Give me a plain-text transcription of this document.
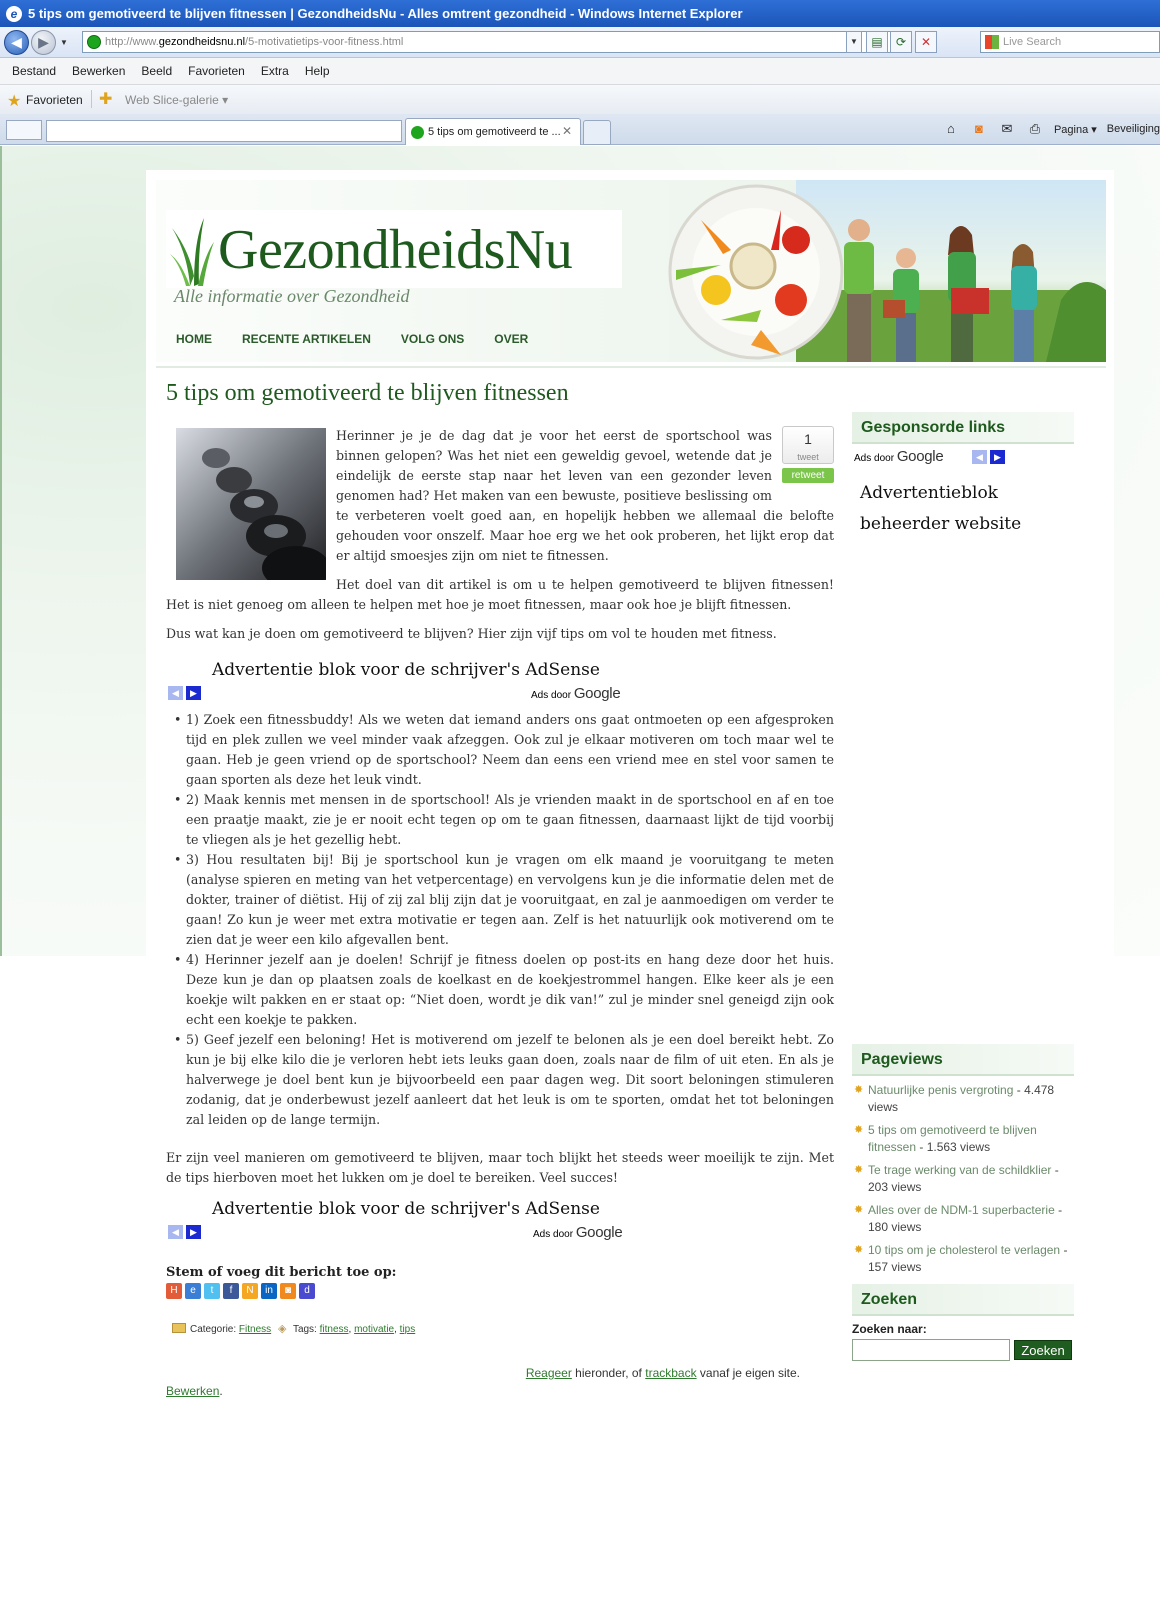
e 5 tips om gemotiveerd te blijven fitnessen | GezondheidsNu - Alles omtrent gezondheid - Windows Internet Explorer
◀	▶	▼	http://www.gezondheidsnu.nl/5-motivatietips-voor-fitness.html	▼	▤	⟳	✕	Live Search
Bestand	Bewerken	Beeld	Favorieten	Extra	Help
★ Favorieten ✚ Web Slice-galerie ▾
5 tips om gemotiveerd te ... ✕	⌂	◙	✉ ⎙	Pagina ▾ Beveiliging
GezondheidsNu
Alle informatie over Gezondheid
HOME	RECENTE ARTIKELEN	VOLG ONS	OVER
5 tips om gemotiveerd te blijven fitnessen
1
tweet
retweet

Herinner je je de dag dat je voor het eerst de sportschool was binnen gelopen? Was het niet een geweldig gevoel, wetende dat je eindelijk de eerste stap naar het leven van een gezonder leven genomen had? Het maken van een bewuste, positieve beslissing om te verbeteren voelt goed aan, en hopelijk hebben we allemaal die belofte gehouden voor onszelf. Maar hoe erg we het ook proberen, het lijkt erop dat er altijd smoesjes zijn om niet te fitnessen.

Het doel van dit artikel is om u te helpen gemotiveerd te blijven fitnessen! Het is niet genoeg om alleen te helpen met hoe je moet fitnessen, maar ook hoe je blijft fitnessen.

Dus wat kan je doen om gemotiveerd te blijven? Hier zijn vijf tips om vol te houden met fitness.

Advertentie blok voor de schrijver's AdSense
◀	▶	Ads door Google
• 1) Zoek een fitnessbuddy! Als we weten dat iemand anders ons gaat ontmoeten op een afgesproken tijd en plek zullen we veel minder vaak afzeggen. Ook zul je elkaar motiveren om toch maar wel te gaan. Heb je geen vriend op de sportschool? Neem dan eens een vriend mee en stel voor samen te gaan sporten als deze het leuk vindt.
• 2) Maak kennis met mensen in de sportschool! Als je vrienden maakt in de sportschool en af en toe een praatje maakt, zie je er nooit echt tegen op om te gaan fitnessen, daarnaast lijkt de tijd voorbij te vliegen als je het gezellig hebt.
• 3) Hou resultaten bij! Bij je sportschool kun je vragen om elk maand je vooruitgang te meten (analyse spieren en meting van het vetpercentage) en vervolgens kun je die informatie delen met de dokter, trainer of diëtist. Hij of zij zal blij zijn dat je vooruitgaat, en zal je aanmoedigen om verder te gaan! Zo kun je weer met extra motivatie er tegen aan. Zelf is het natuurlijk ook motiverend om te zien dat je weer een kilo afgevallen bent.
• 4) Herinner jezelf aan je doelen! Schrijf je fitness doelen op post-its en hang deze door het huis. Deze kun je dan op plaatsen zoals de koelkast en de koekjestrommel hangen. Elke keer als je een koekje wilt pakken en er staat op: “Niet doen, wordt je dik van!” zul je minder snel geneigd zijn ook echt een koekje te pakken.
• 5) Geef jezelf een beloning! Het is motiverend om jezelf te belonen als je een doel bereikt hebt. Zo kun je bij elke kilo die je verloren hebt iets leuks gaan doen, zoals naar de film of uit eten. En als je halverwege je doel bent kun je bijvoorbeeld een paar dagen weg. Dit soort beloningen stimuleren zodanig, dat je onderbewust jezelf aanleert dat het leuk is om te sporten, omdat het tot beloningen zal leiden op de lange termijn.

Er zijn veel manieren om gemotiveerd te blijven, maar toch blijkt het steeds weer moeilijk te zijn. Met de tips hierboven moet het lukken om je doel te bereiken. Veel succes!

Advertentie blok voor de schrijver's AdSense
◀	▶	Ads door Google
Stem of voeg dit bericht toe op:
H	e	t	f	N	in	◙	d
Categorie: Fitness ◈ Tags: fitness, motivatie, tips
Reageer hieronder, of trackback vanaf je eigen site.
Bewerken.
Gesponsorde links
Ads door Google	◀	▶
Advertentieblok
beheerder website
Pageviews
✸ Natuurlijke penis vergroting - 4.478 views
✸ 5 tips om gemotiveerd te blijven fitnessen - 1.563 views
✸ Te trage werking van de schildklier - 203 views
✸ Alles over de NDM-1 superbacterie - 180 views
✸ 10 tips om je cholesterol te verlagen - 157 views
Zoeken
Zoeken naar:
Zoeken
